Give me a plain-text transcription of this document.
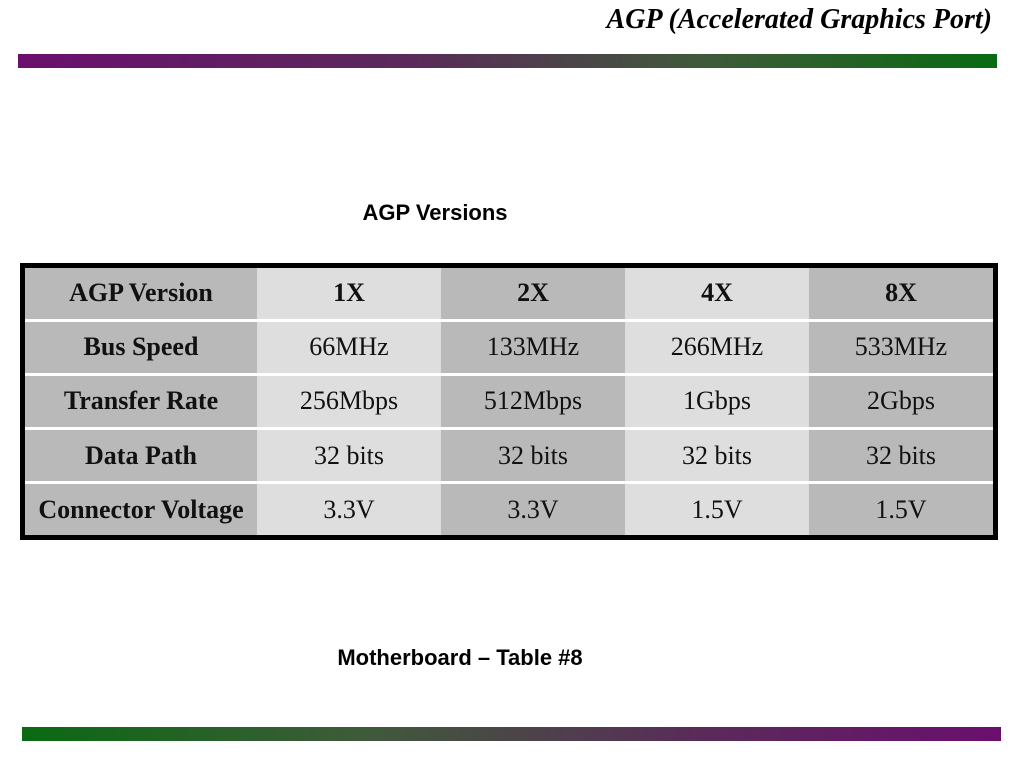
AGP (Accelerated Graphics Port)
AGP Versions
AGP Version	1X	2X	4X	8X
Bus Speed	66MHz	133MHz	266MHz	533MHz
Transfer Rate	256Mbps	512Mbps	1Gbps	2Gbps
Data Path	32 bits	32 bits	32 bits	32 bits
Connector Voltage	3.3V	3.3V	1.5V	1.5V
Motherboard – Table #8
